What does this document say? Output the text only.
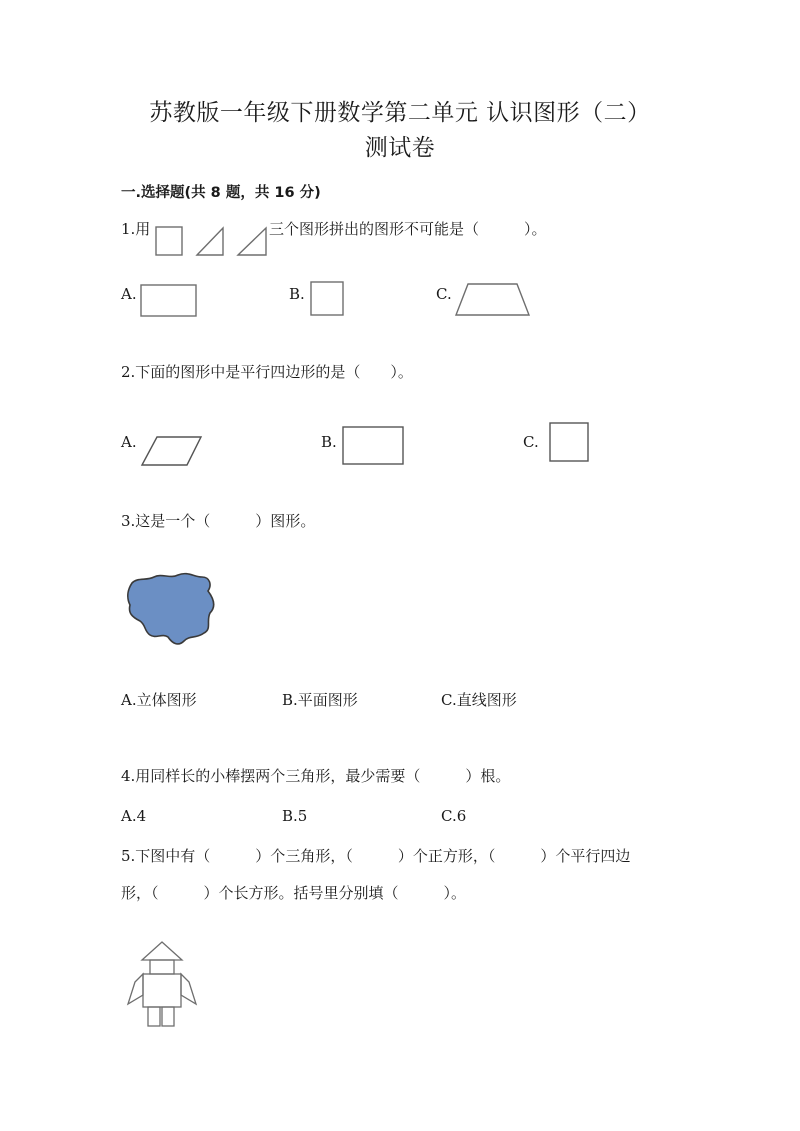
苏教版一年级下册数学第二单元 认识图形（二）
测试卷
一.选择题(共 8 题，共 16 分)
1.用	三个图形拼出的图形不可能是（　　　）。
A.	B.	C.
2.下面的图形中是平行四边形的是（　　）。
A.	B.	C.
3.这是一个（　　　）图形。
A.立体图形	B.平面图形	C.直线图形
4.用同样长的小棒摆两个三角形，最少需要（　　　）根。
A.4	B.5	C.6
5.下图中有（　　　）个三角形，（　　　）个正方形，（　　　）个平行四边
形，（　　　）个长方形。括号里分别填（　　　）。
